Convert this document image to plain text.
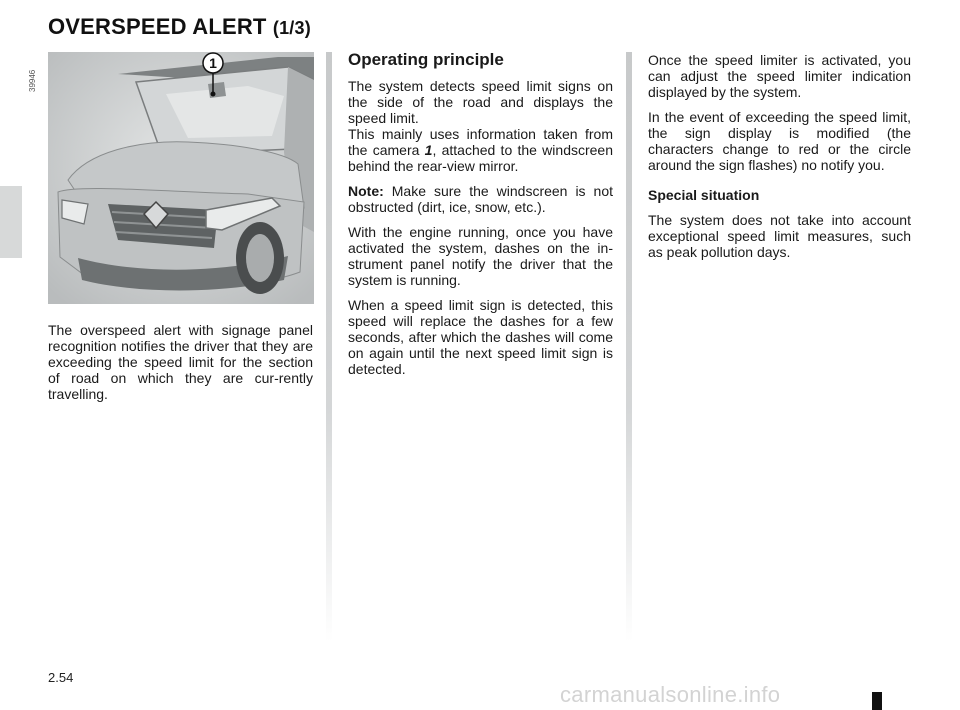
OVERSPEED ALERT (1/3)
39946
1

The overspeed alert with signage panel recognition notifies the driver that they are exceeding the speed limit for the section of road on which they are cur-rently travelling.

Operating principle

The system detects speed limit signs on the side of the road and displays the speed limit.
This mainly uses information taken from the camera 1, attached to the windscreen behind the rear-view mirror.

Note: Make sure the windscreen is not obstructed (dirt, ice, snow, etc.).

With the engine running, once you have activated the system, dashes on the in-strument panel notify the driver that the system is running.

When a speed limit sign is detected, this speed will replace the dashes for a few seconds, after which the dashes will come on again until the next speed limit sign is detected.

Once the speed limiter is activated, you can adjust the speed limiter indication displayed by the system.

In the event of exceeding the speed limit, the sign display is modified (the characters change to red or the circle around the sign flashes) no notify you.

Special situation

The system does not take into account exceptional speed limit measures, such as peak pollution days.

2.54
carmanualsonline.info
